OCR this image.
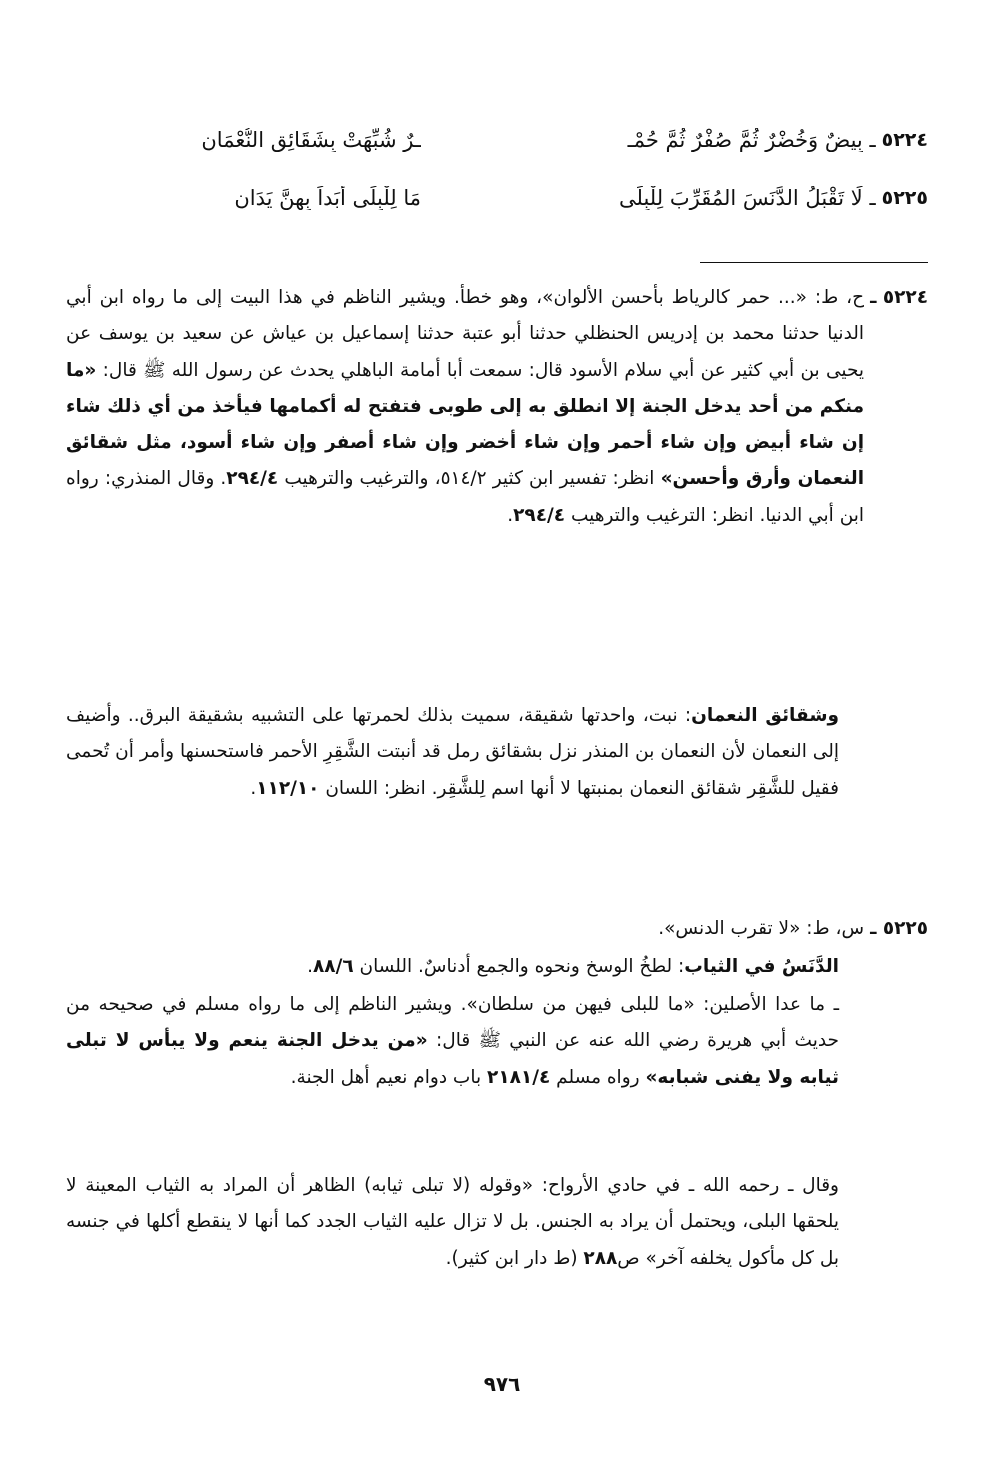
٥٢٢٤
ـ بِيضٌ وَخُضْرٌ ثُمَّ صُفْرٌ ثُمَّ حُمْـ
ـرٌ شُبِّهَتْ بِشَقَائِقِ النُّعْمَانِ
٥٢٢٥
ـ لَا تَقْبَلُ الدَّنَسَ المُقَرِّبَ لِلْبِلَى
مَا لِلْبِلَى أَبَداً بِهِنَّ يَدَانِ
٥٢٢٤ ـ
ح، ط: «... حمر كالرياط بأحسن الألوان»، وهو خطأ. ويشير الناظم في هذا البيت إلى ما رواه ابن أبي الدنيا حدثنا محمد بن إدريس الحنظلي حدثنا أبو عتبة حدثنا إسماعيل بن عياش عن سعيد بن يوسف عن يحيى بن أبي كثير عن أبي سلام الأسود قال: سمعت أبا أمامة الباهلي يحدث عن رسول الله ﷺ قال: «ما منكم من أحد يدخل الجنة إلا انطلق به إلى طوبى فتفتح له أكمامها فيأخذ من أي ذلك شاء إن شاء أبيض وإن شاء أحمر وإن شاء أخضر وإن شاء أصفر وإن شاء أسود، مثل شقائق النعمان وأرق وأحسن» انظر: تفسير ابن كثير ٥١٤/٢، والترغيب والترهيب ٢٩٤/٤. وقال المنذري: رواه ابن أبي الدنيا. انظر: الترغيب والترهيب ٢٩٤/٤.
وشقائق النعمان: نبت، واحدتها شقيقة، سميت بذلك لحمرتها على التشبيه بشقيقة البرق.. وأضيف إلى النعمان لأن النعمان بن المنذر نزل بشقائق رمل قد أنبتت الشَّقِرِ الأحمر فاستحسنها وأمر أن تُحمى فقيل للشَّقِر شقائق النعمان بمنبتها لا أنها اسم لِلشَّقِر. انظر: اللسان ١١٢/١٠.
٥٢٢٥ ـ
س، ط: «لا تقرب الدنس».
الدَّنَسُ في الثياب: لطخُ الوسخ ونحوه والجمع أدناسٌ. اللسان ٨٨/٦.
ـ ما عدا الأصلين: «ما للبلى فيهن من سلطان». ويشير الناظم إلى ما رواه مسلم في صحيحه من حديث أبي هريرة رضي الله عنه عن النبي ﷺ قال: «من يدخل الجنة ينعم ولا يبأس لا تبلى ثيابه ولا يفنى شبابه» رواه مسلم ٢١٨١/٤ باب دوام نعيم أهل الجنة.
وقال ـ رحمه الله ـ في حادي الأرواح: «وقوله (لا تبلى ثيابه) الظاهر أن المراد به الثياب المعينة لا يلحقها البلى، ويحتمل أن يراد به الجنس. بل لا تزال عليه الثياب الجدد كما أنها لا ينقطع أكلها في جنسه بل كل مأكول يخلفه آخر» ص٢٨٨ (ط دار ابن كثير).
٩٧٦
